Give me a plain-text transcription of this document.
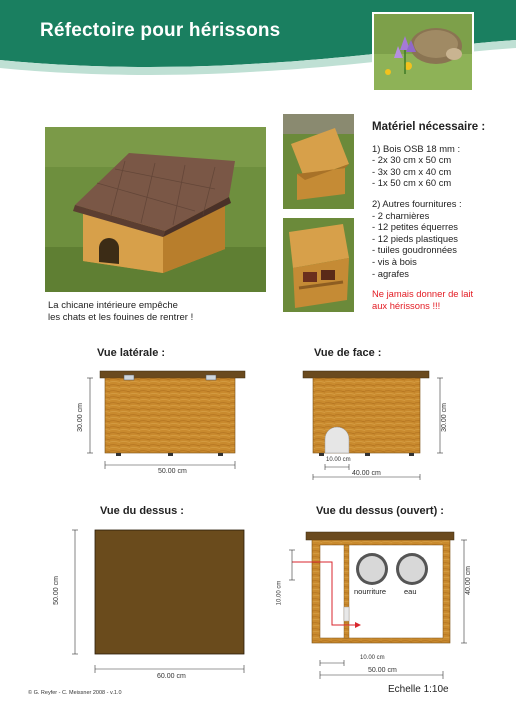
Réfectoire pour hérissons
La chicane intérieure empêche
les chats et les fouines de rentrer !
Matériel nécessaire :
1) Bois OSB 18 mm :
- 2x 30 cm x 50 cm
- 3x 30 cm x 40 cm
- 1x 50 cm x 60 cm
2) Autres fournitures :
- 2 charnières
- 12 petites équerres
- 12 pieds plastiques
- tuiles goudronnées
- vis à bois
- agrafes
Ne jamais donner de lait
aux hérissons !!!
Vue latérale :	Vue de face :
Vue du dessus :	Vue du dessus (ouvert) :
30.00 cm
50.00 cm
10.00 cm
40.00 cm
30.00 cm
50.00 cm
60.00 cm
nourriture eau
10.00 cm
10.00 cm
50.00 cm
40.00 cm
© G. Reyfer - C. Meissner 2008 - v.1.0	Echelle 1:10e
